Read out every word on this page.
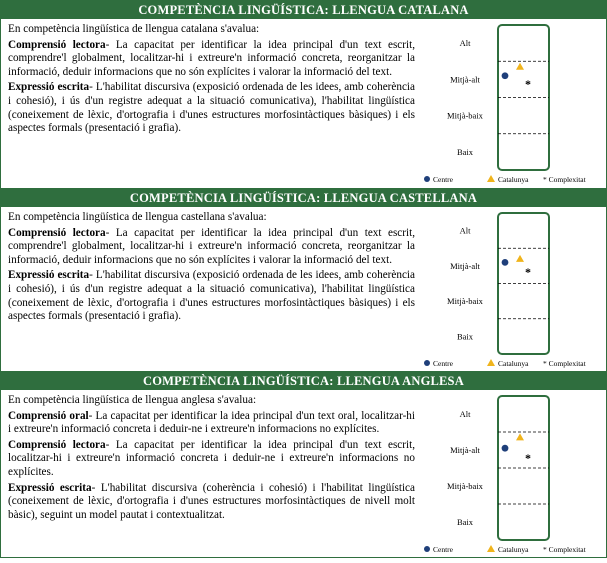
COMPETÈNCIA LINGÜÍSTICA: LLENGUA CATALANA

En competència lingüística de llengua catalana s'avalua:

Comprensió lectora- La capacitat per identificar la idea principal d'un text escrit, comprendre'l globalment, localitzar-hi i extreure'n informació concreta, reorganitzar la informació, deduir informacions que no són explícites i valorar la informació del text.

Expressió escrita- L'habilitat discursiva (exposició ordenada de les idees, amb coherència i cohesió), i ús d'un registre adequat a la situació comunicativa), l'habilitat lingüística (coneixement de lèxic, d'ortografia i d'unes estructures morfosintàctiques bàsiques) i els aspectes formals (presentació i grafia).

Alt
Mitjà-alt
Mitjà-baix
Baix
*
Centre	Catalunya * Complexitat
COMPETÈNCIA LINGÜÍSTICA: LLENGUA CASTELLANA

En competència lingüística de llengua castellana s'avalua:

Comprensió lectora- La capacitat per identificar la idea principal d'un text escrit, comprendre'l globalment, localitzar-hi i extreure'n informació concreta, reorganitzar la informació, deduir informacions que no són explícites i valorar la informació del text.

Expressió escrita- L'habilitat discursiva (exposició ordenada de les idees, amb coherència i cohesió), i ús d'un registre adequat a la situació comunicativa), l'habilitat lingüística (coneixement de lèxic, d'ortografia i d'unes estructures morfosintàctiques bàsiques) i els aspectes formals (presentació i grafia).

Alt
Mitjà-alt
Mitjà-baix
Baix
*
Centre	Catalunya * Complexitat
COMPETÈNCIA LINGÜÍSTICA: LLENGUA ANGLESA

En competència lingüística de llengua anglesa s'avalua:

Comprensió oral- La capacitat per identificar la idea principal d'un text oral, localitzar-hi i extreure'n informació concreta i deduir-ne i extreure'n informacions no explícites.

Comprensió lectora- La capacitat per identificar la idea principal d'un text escrit, localitzar-hi i extreure'n informació concreta i deduir-ne i extreure'n informacions no explícites.

Expressió escrita- L'habilitat discursiva (coherència i cohesió) i l'habilitat lingüística (coneixement de lèxic, d'ortografia i d'unes estructures morfosintàctiques de nivell molt bàsic), seguint un model pautat i contextualitzat.

Alt
Mitjà-alt
Mitjà-baix
Baix
*
Centre	Catalunya * Complexitat
